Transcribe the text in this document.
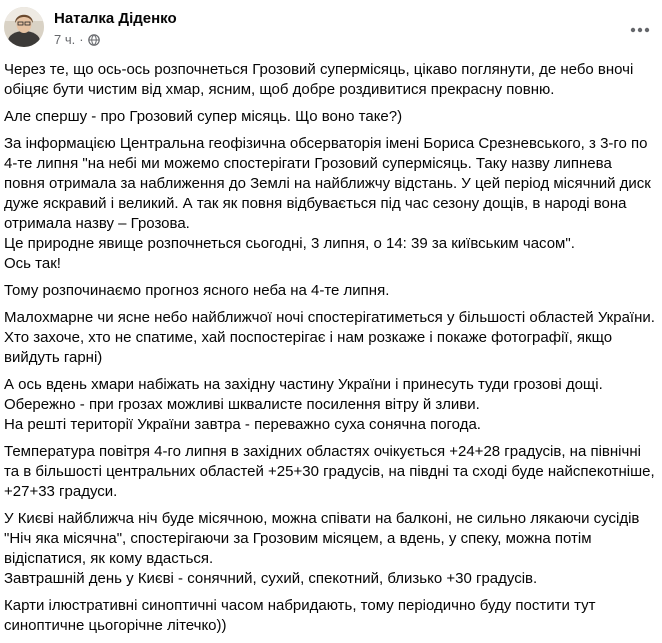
Наталка Діденко
7 ч. ·

Через те, що ось-ось розпочнеться Грозовий супермісяць, цікаво поглянути, де небо вночі
обіцяє бути чистим від хмар, ясним, щоб добре роздивитися прекрасну повню.

Але спершу - про Грозовий супер місяць. Що воно таке?)

За інформацією Центральна геофізична обсерваторія імені Бориса Срезневського, з 3-го по
4-те липня "на небі ми можемо спостерігати Грозовий супермісяць. Таку назву липнева
повня отримала за наближення до Землі на найближчу відстань. У цей період місячний диск
дуже яскравий і великий. А так як повня відбувається під час сезону дощів, в народі вона
отримала назву – Грозова.
Це природне явище розпочнеться сьогодні, 3 липня, о 14: 39 за київським часом".
Ось так!

Тому розпочинаємо прогноз ясного неба на 4-те липня.

Малохмарне чи ясне небо найближчої ночі спостерігатиметься у більшості областей України.
Хто захоче, хто не спатиме, хай поспостерігає і нам розкаже і покаже фотографії, якщо
вийдуть гарні)

А ось вдень хмари набіжать на західну частину України і принесуть туди грозові дощі.
Обережно - при грозах можливі шквалисте посилення вітру й зливи.
На решті території України завтра - переважно суха сонячна погода.

Температура повітря 4-го липня в західних областях очікується +24+28 градусів, на північні
та в більшості центральних областей +25+30 градусів, на півдні та сході буде найспекотніше,
+27+33 градуси.

У Києві найближча ніч буде місячною, можна співати на балконі, не сильно лякаючи сусідів
"Ніч яка місячна", спостерігаючи за Грозовим місяцем, а вдень, у спеку, можна потім
відіспатися, як кому вдасться.
Завтрашній день у Києві - сонячний, сухий, спекотний, близько +30 градусів.

Карти ілюстративні синоптичні часом набридають, тому періодично буду постити тут
синоптичне цьогорічне літечко))
